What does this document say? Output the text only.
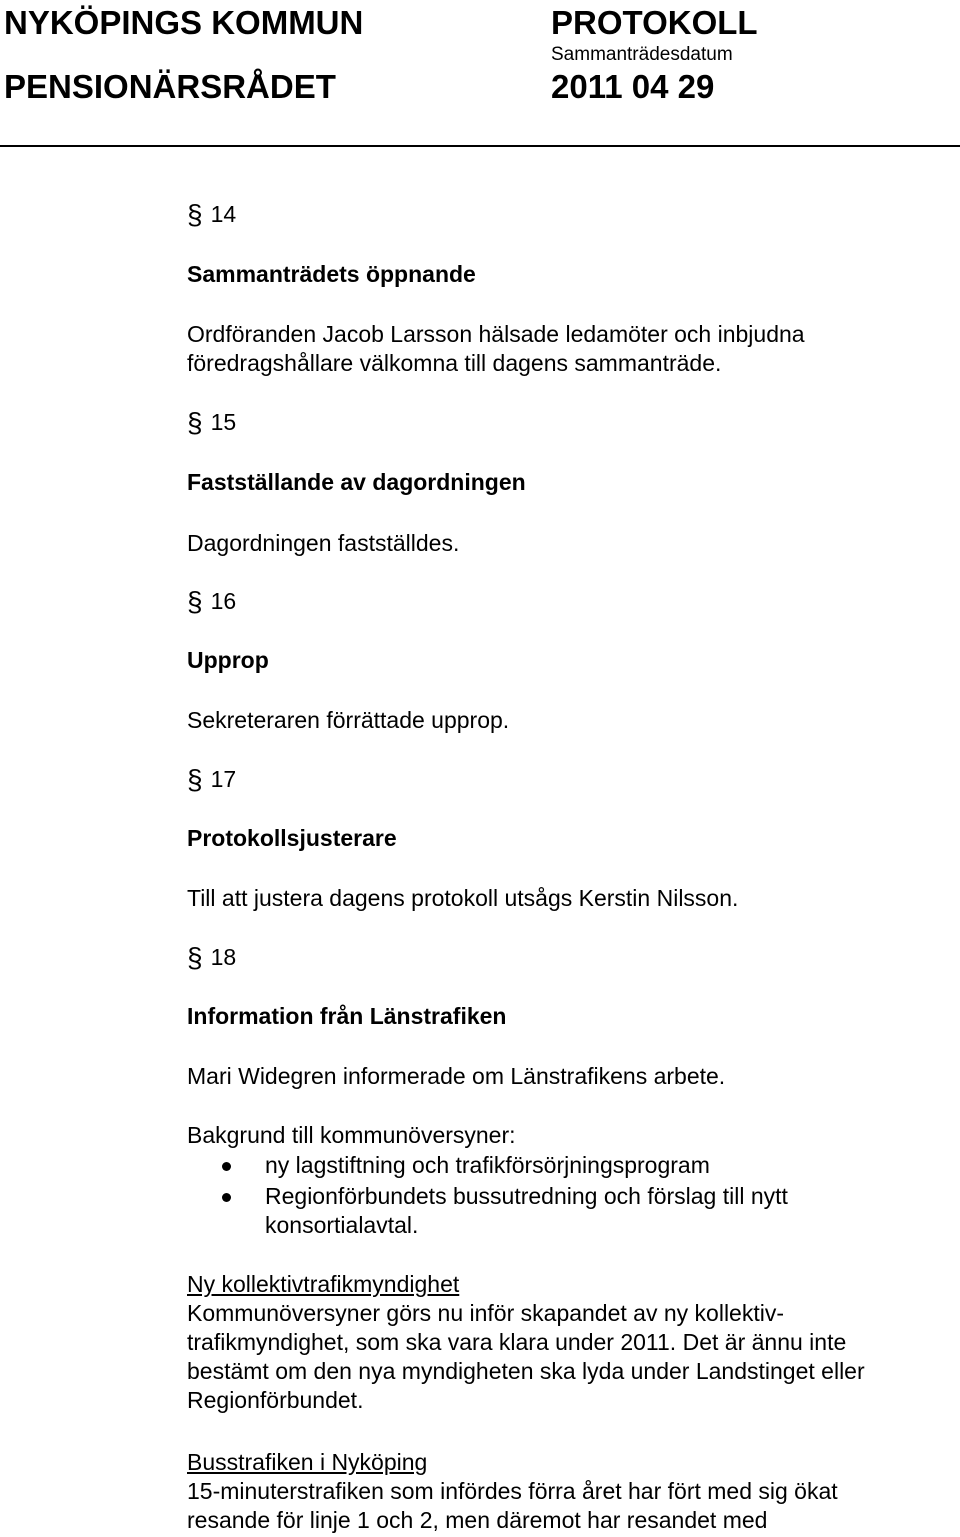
NYKÖPINGS KOMMUN
PENSIONÄRSRÅDET
PROTOKOLL
Sammanträdesdatum
2011 04 29
§ 14
Sammanträdets öppnande
Ordföranden Jacob Larsson hälsade ledamöter och inbjudna
föredragshållare välkomna till dagens sammanträde.
§ 15
Fastställande av dagordningen
Dagordningen fastställdes.
§ 16
Upprop
Sekreteraren förrättade upprop.
§ 17
Protokollsjusterare
Till att justera dagens protokoll utsågs Kerstin Nilsson.
§ 18
Information från Länstrafiken
Mari Widegren informerade om Länstrafikens arbete.
Bakgrund till kommunöversyner:
ny lagstiftning och trafikförsörjningsprogram
Regionförbundets bussutredning och förslag till nytt
konsortialavtal.
Ny kollektivtrafikmyndighet
Kommunöversyner görs nu inför skapandet av ny kollektiv-
trafikmyndighet, som ska vara klara under 2011. Det är ännu inte
bestämt om den nya myndigheten ska lyda under Landstinget eller
Regionförbundet.
Busstrafiken i Nyköping
15-minuterstrafiken som infördes förra året har fört med sig ökat
resande för linje 1 och 2, men däremot har resandet med
